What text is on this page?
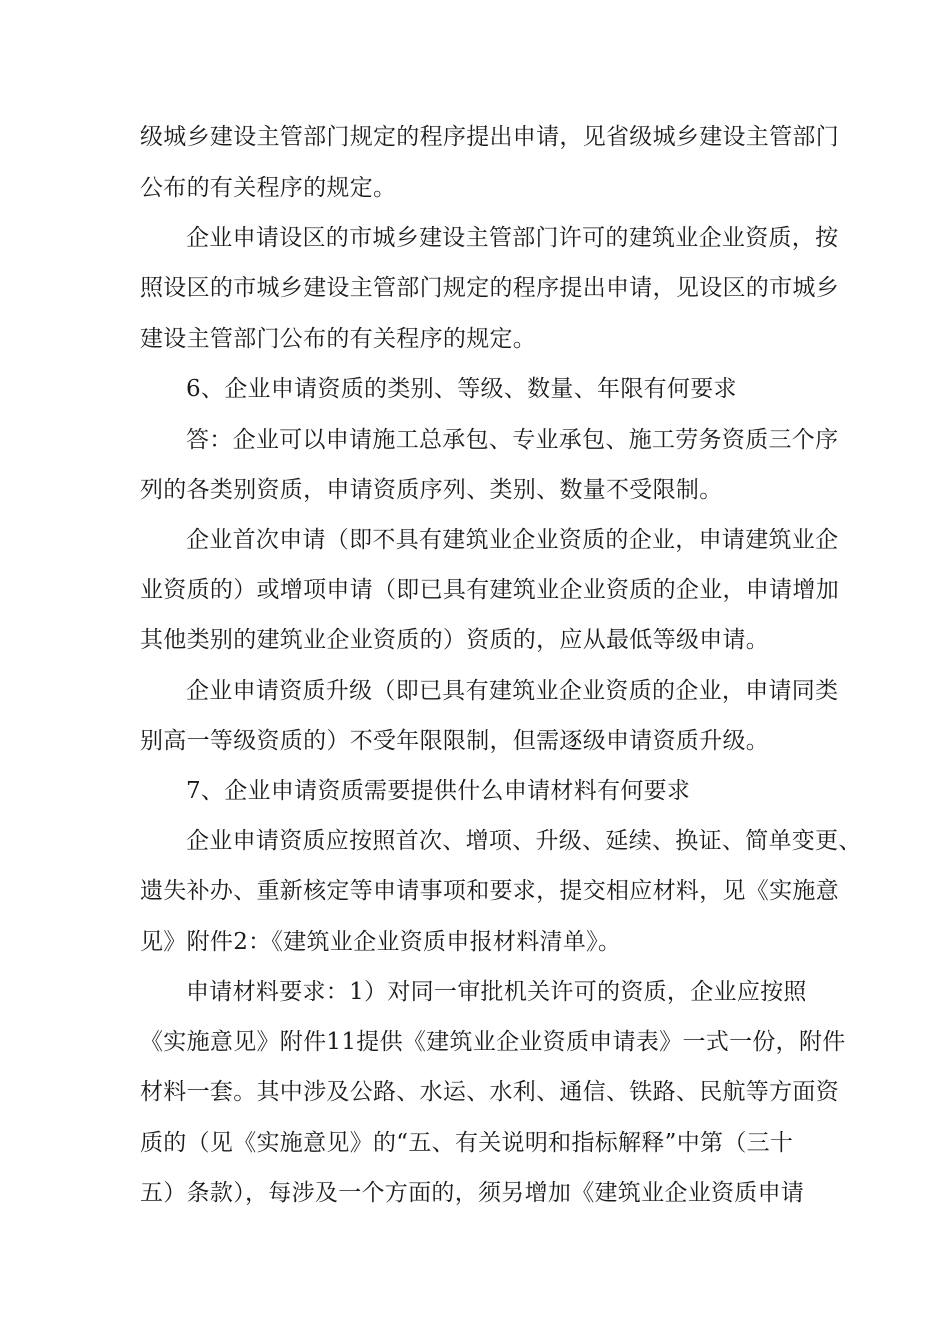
级城乡建设主管部门规定的程序提出申请，见省级城乡建设主管部门
公布的有关程序的规定。
企业申请设区的市城乡建设主管部门许可的建筑业企业资质，按
照设区的市城乡建设主管部门规定的程序提出申请，见设区的市城乡
建设主管部门公布的有关程序的规定。
6、企业申请资质的类别、等级、数量、年限有何要求
答：企业可以申请施工总承包、专业承包、施工劳务资质三个序
列的各类别资质，申请资质序列、类别、数量不受限制。
企业首次申请（即不具有建筑业企业资质的企业，申请建筑业企
业资质的）或增项申请（即已具有建筑业企业资质的企业，申请增加
其他类别的建筑业企业资质的）资质的，应从最低等级申请。
企业申请资质升级（即已具有建筑业企业资质的企业，申请同类
别高一等级资质的）不受年限限制，但需逐级申请资质升级。
7、企业申请资质需要提供什么申请材料有何要求
企业申请资质应按照首次、增项、升级、延续、换证、简单变更、
遗失补办、重新核定等申请事项和要求，提交相应材料，见《实施意
见》附件2：《建筑业企业资质申报材料清单》。
申请材料要求：1）对同一审批机关许可的资质，企业应按照
《实施意见》附件11提供《建筑业企业资质申请表》一式一份，附件
材料一套。其中涉及公路、水运、水利、通信、铁路、民航等方面资
质的（见《实施意见》的“五、有关说明和指标解释”中第（三十
五）条款），每涉及一个方面的，须另增加《建筑业企业资质申请
